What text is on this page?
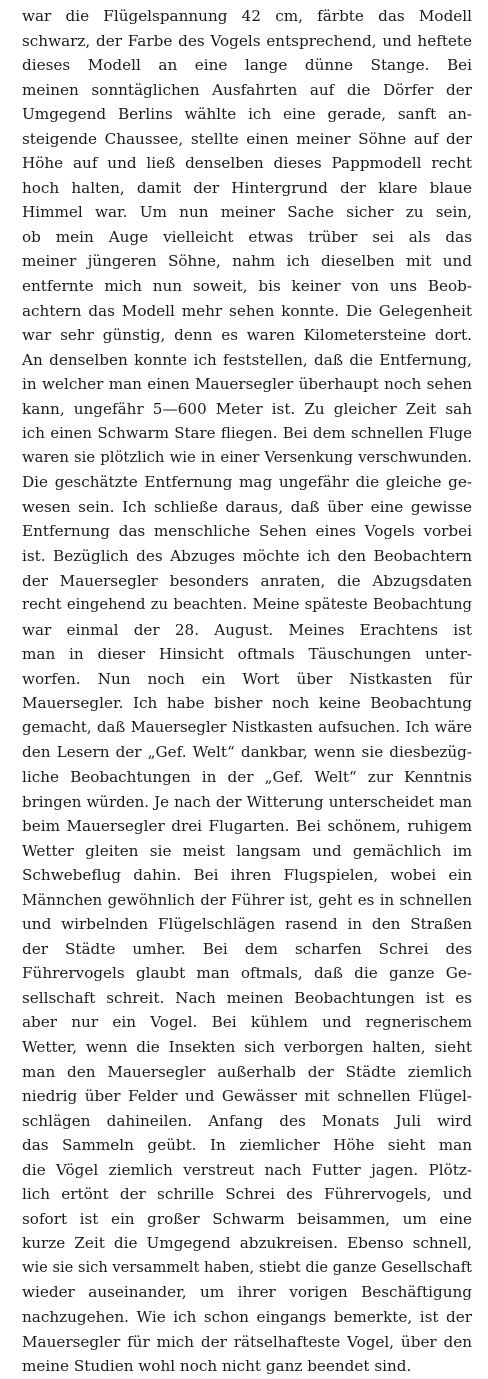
war die Flügelspannung 42 cm, färbte das Modell
schwarz, der Farbe des Vogels entsprechend, und heftete
dieses Modell an eine lange dünne Stange. Bei
meinen sonntäglichen Ausfahrten auf die Dörfer der
Umgegend Berlins wählte ich eine gerade, sanft an-
steigende Chaussee, stellte einen meiner Söhne auf der
Höhe auf und ließ denselben dieses Pappmodell recht
hoch halten, damit der Hintergrund der klare blaue
Himmel war. Um nun meiner Sache sicher zu sein,
ob mein Auge vielleicht etwas trüber sei als das
meiner jüngeren Söhne, nahm ich dieselben mit und
entfernte mich nun soweit, bis keiner von uns Beob-
achtern das Modell mehr sehen konnte. Die Gelegenheit
war sehr günstig, denn es waren Kilometersteine dort.
An denselben konnte ich feststellen, daß die Entfernung,
in welcher man einen Mauersegler überhaupt noch sehen
kann, ungefähr 5—600 Meter ist. Zu gleicher Zeit sah
ich einen Schwarm Stare fliegen. Bei dem schnellen Fluge
waren sie plötzlich wie in einer Versenkung verschwunden.
Die geschätzte Entfernung mag ungefähr die gleiche ge-
wesen sein. Ich schließe daraus, daß über eine gewisse
Entfernung das menschliche Sehen eines Vogels vorbei
ist. Bezüglich des Abzuges möchte ich den Beobachtern
der Mauersegler besonders anraten, die Abzugsdaten
recht eingehend zu beachten. Meine späteste Beobachtung
war einmal der 28. August. Meines Erachtens ist
man in dieser Hinsicht oftmals Täuschungen unter-
worfen. Nun noch ein Wort über Nistkasten für
Mauersegler. Ich habe bisher noch keine Beobachtung
gemacht, daß Mauersegler Nistkasten aufsuchen. Ich wäre
den Lesern der „Gef. Welt“ dankbar, wenn sie diesbezüg-
liche Beobachtungen in der „Gef. Welt“ zur Kenntnis
bringen würden. Je nach der Witterung unterscheidet man
beim Mauersegler drei Flugarten. Bei schönem, ruhigem
Wetter gleiten sie meist langsam und gemächlich im
Schwebeflug dahin. Bei ihren Flugspielen, wobei ein
Männchen gewöhnlich der Führer ist, geht es in schnellen
und wirbelnden Flügelschlägen rasend in den Straßen
der Städte umher. Bei dem scharfen Schrei des
Führervogels glaubt man oftmals, daß die ganze Ge-
sellschaft schreit. Nach meinen Beobachtungen ist es
aber nur ein Vogel. Bei kühlem und regnerischem
Wetter, wenn die Insekten sich verborgen halten, sieht
man den Mauersegler außerhalb der Städte ziemlich
niedrig über Felder und Gewässer mit schnellen Flügel-
schlägen dahineilen. Anfang des Monats Juli wird
das Sammeln geübt. In ziemlicher Höhe sieht man
die Vögel ziemlich verstreut nach Futter jagen. Plötz-
lich ertönt der schrille Schrei des Führervogels, und
sofort ist ein großer Schwarm beisammen, um eine
kurze Zeit die Umgegend abzukreisen. Ebenso schnell,
wie sie sich versammelt haben, stiebt die ganze Gesellschaft
wieder auseinander, um ihrer vorigen Beschäftigung
nachzugehen. Wie ich schon eingangs bemerkte, ist der
Mauersegler für mich der rätselhafteste Vogel, über den
meine Studien wohl noch nicht ganz beendet sind.
